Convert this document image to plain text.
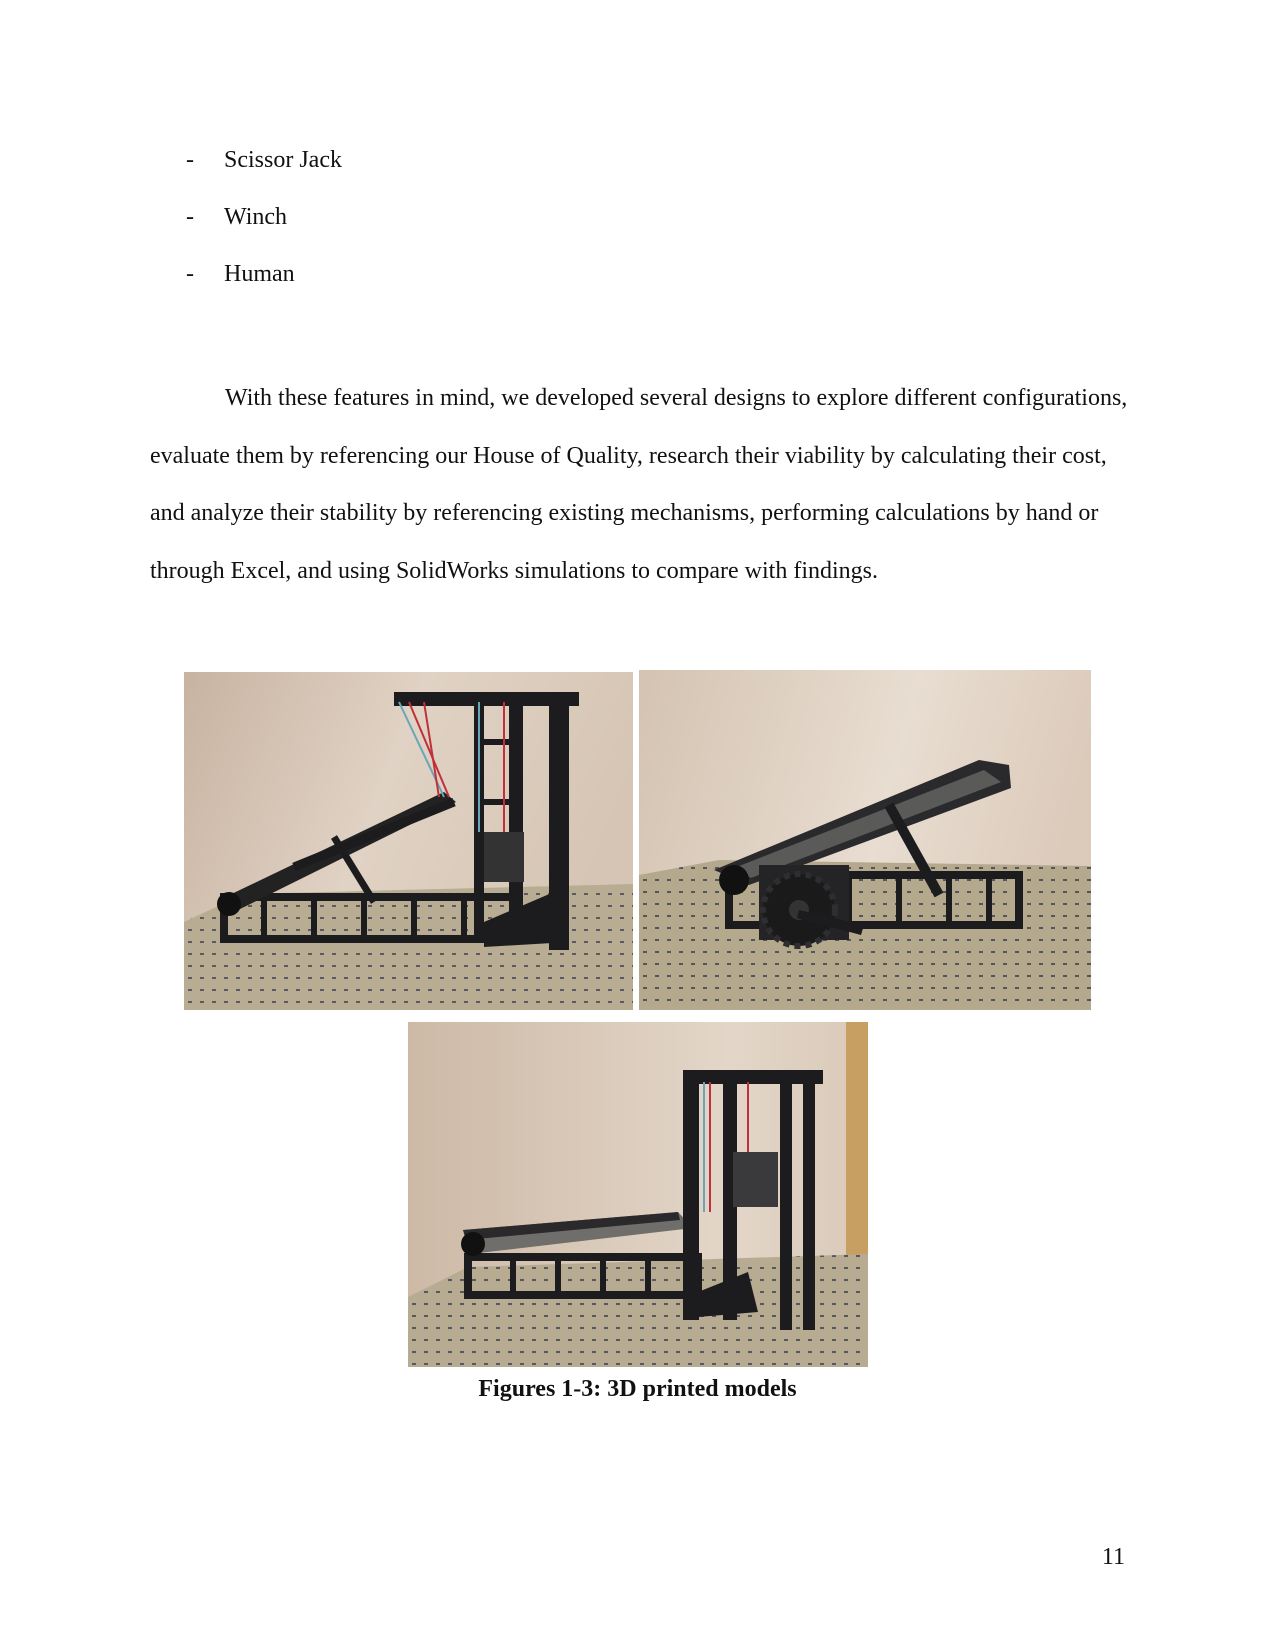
-	Scissor Jack
-	Winch
-	Human

With these features in mind, we developed several designs to explore different configurations, evaluate them by referencing our House of Quality, research their viability by calculating their cost, and analyze their stability by referencing existing mechanisms, performing calculations by hand or through Excel, and using SolidWorks simulations to compare with findings.

Figures 1-3: 3D printed models
11
